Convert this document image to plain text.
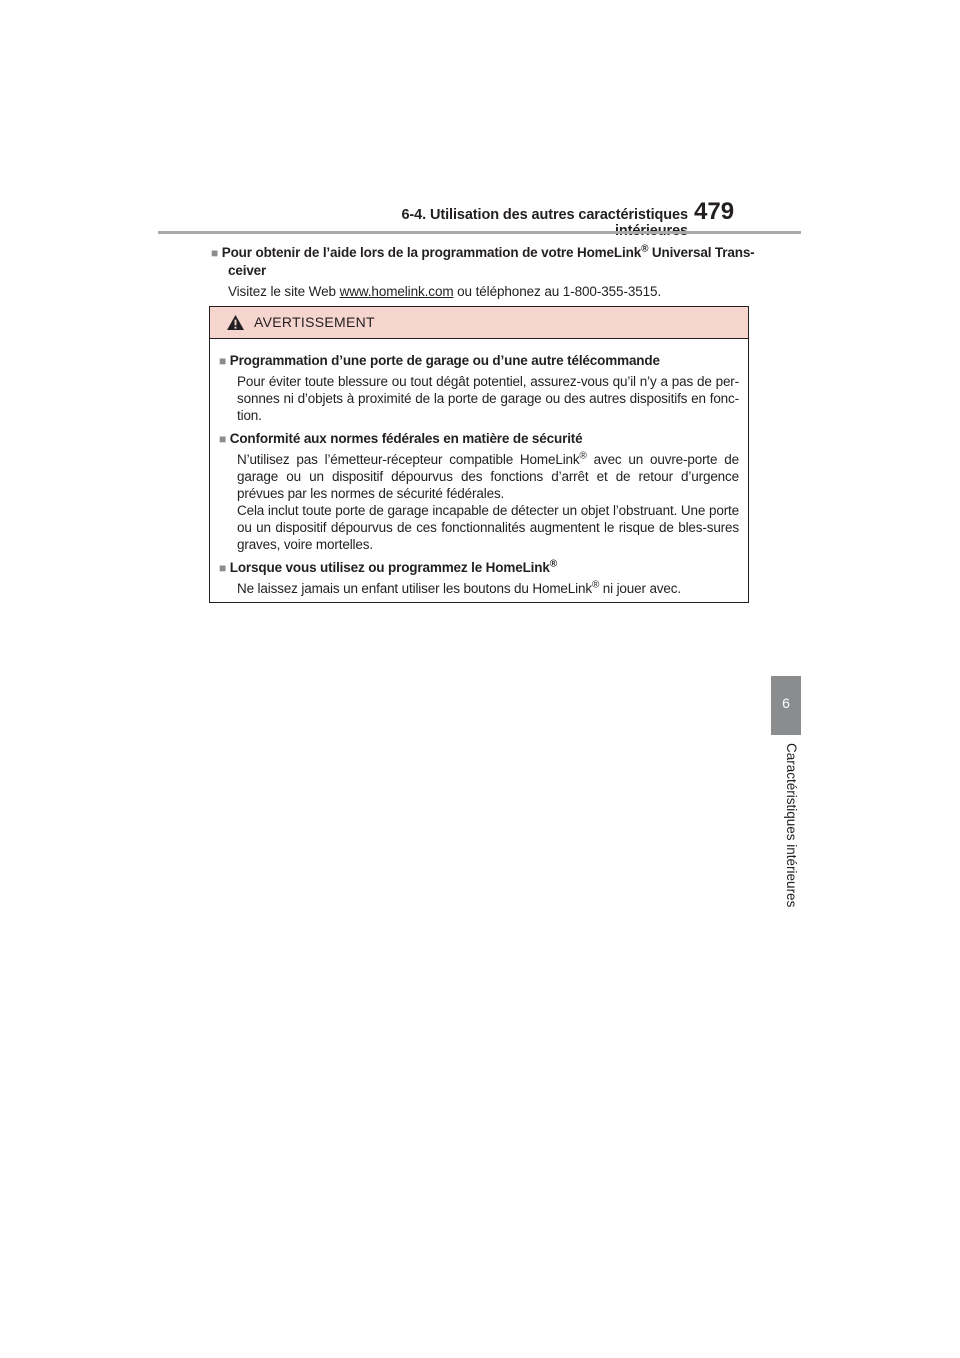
6-4. Utilisation des autres caractéristiques 479
6
Caractéristiques intérieures
■ Pour obtenir de l’aide lors de la programmation de votre HomeLink® Universal Trans-
ceiver
Visitez le site Web www.homelink.com ou téléphonez au 1-800-355-3515.
AVERTISSEMENT
■ Programmation d’une porte de garage ou d’une autre télécommande
Pour éviter toute blessure ou tout dégât potentiel, assurez-vous qu’il n’y a pas de per-sonnes ni d’objets à proximité de la porte de garage ou des autres dispositifs en fonc-tion.
■ Conformité aux normes fédérales en matière de sécurité
N’utilisez pas l’émetteur-récepteur compatible HomeLink® avec un ouvre-porte de garage ou un dispositif dépourvus des fonctions d’arrêt et de retour d’urgence prévues par les normes de sécurité fédérales.
Cela inclut toute porte de garage incapable de détecter un objet l’obstruant. Une porte ou un dispositif dépourvus de ces fonctionnalités augmentent le risque de bles-sures graves, voire mortelles.
■ Lorsque vous utilisez ou programmez le HomeLink®
Ne laissez jamais un enfant utiliser les boutons du HomeLink® ni jouer avec.
